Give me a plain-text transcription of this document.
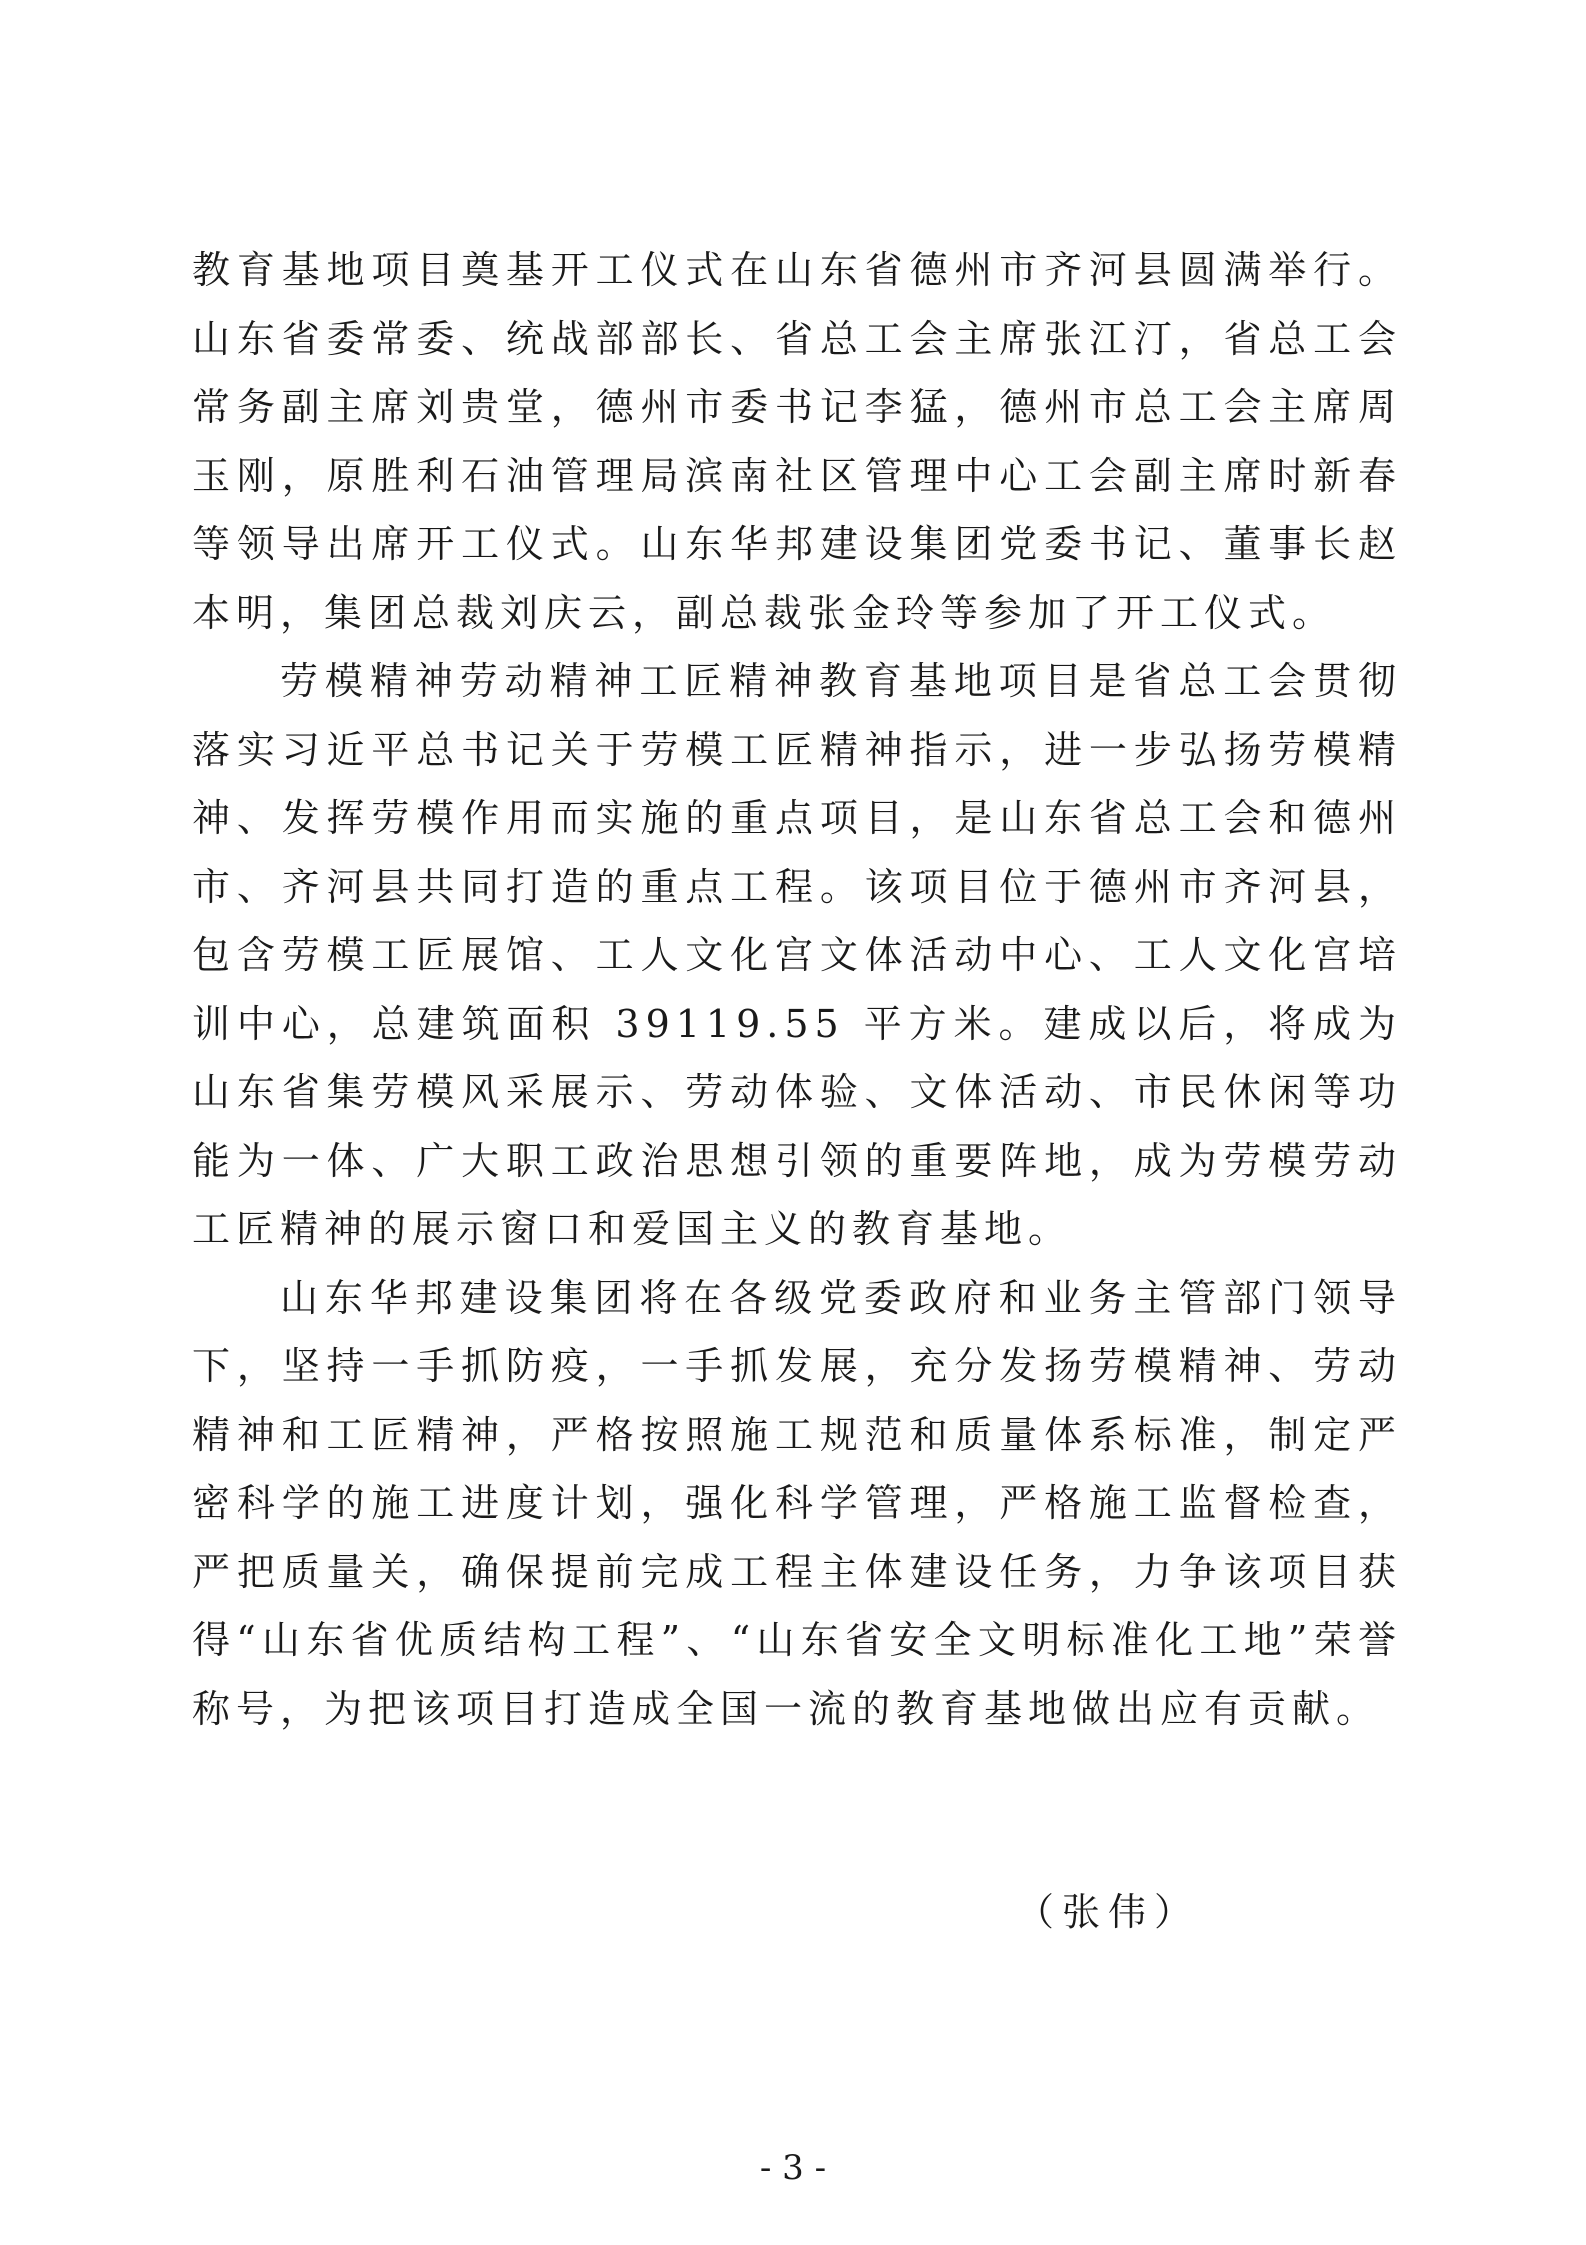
教育基地项目奠基开工仪式在山东省德州市齐河县圆满举行。山东省委常委、统战部部长、省总工会主席张江汀，省总工会常务副主席刘贵堂，德州市委书记李猛，德州市总工会主席周玉刚，原胜利石油管理局滨南社区管理中心工会副主席时新春等领导出席开工仪式。山东华邦建设集团党委书记、董事长赵本明，集团总裁刘庆云，副总裁张金玲等参加了开工仪式。

劳模精神劳动精神工匠精神教育基地项目是省总工会贯彻落实习近平总书记关于劳模工匠精神指示，进一步弘扬劳模精神、发挥劳模作用而实施的重点项目，是山东省总工会和德州市、齐河县共同打造的重点工程。该项目位于德州市齐河县，包含劳模工匠展馆、工人文化宫文体活动中心、工人文化宫培训中心，总建筑面积 39119.55 平方米。建成以后，将成为山东省集劳模风采展示、劳动体验、文体活动、市民休闲等功能为一体、广大职工政治思想引领的重要阵地，成为劳模劳动工匠精神的展示窗口和爱国主义的教育基地。

山东华邦建设集团将在各级党委政府和业务主管部门领导下，坚持一手抓防疫，一手抓发展，充分发扬劳模精神、劳动精神和工匠精神，严格按照施工规范和质量体系标准，制定严密科学的施工进度计划，强化科学管理，严格施工监督检查，严把质量关，确保提前完成工程主体建设任务，力争该项目获得“山东省优质结构工程”、“山东省安全文明标准化工地”荣誉称号，为把该项目打造成全国一流的教育基地做出应有贡献。

（张伟）
- 3 -
